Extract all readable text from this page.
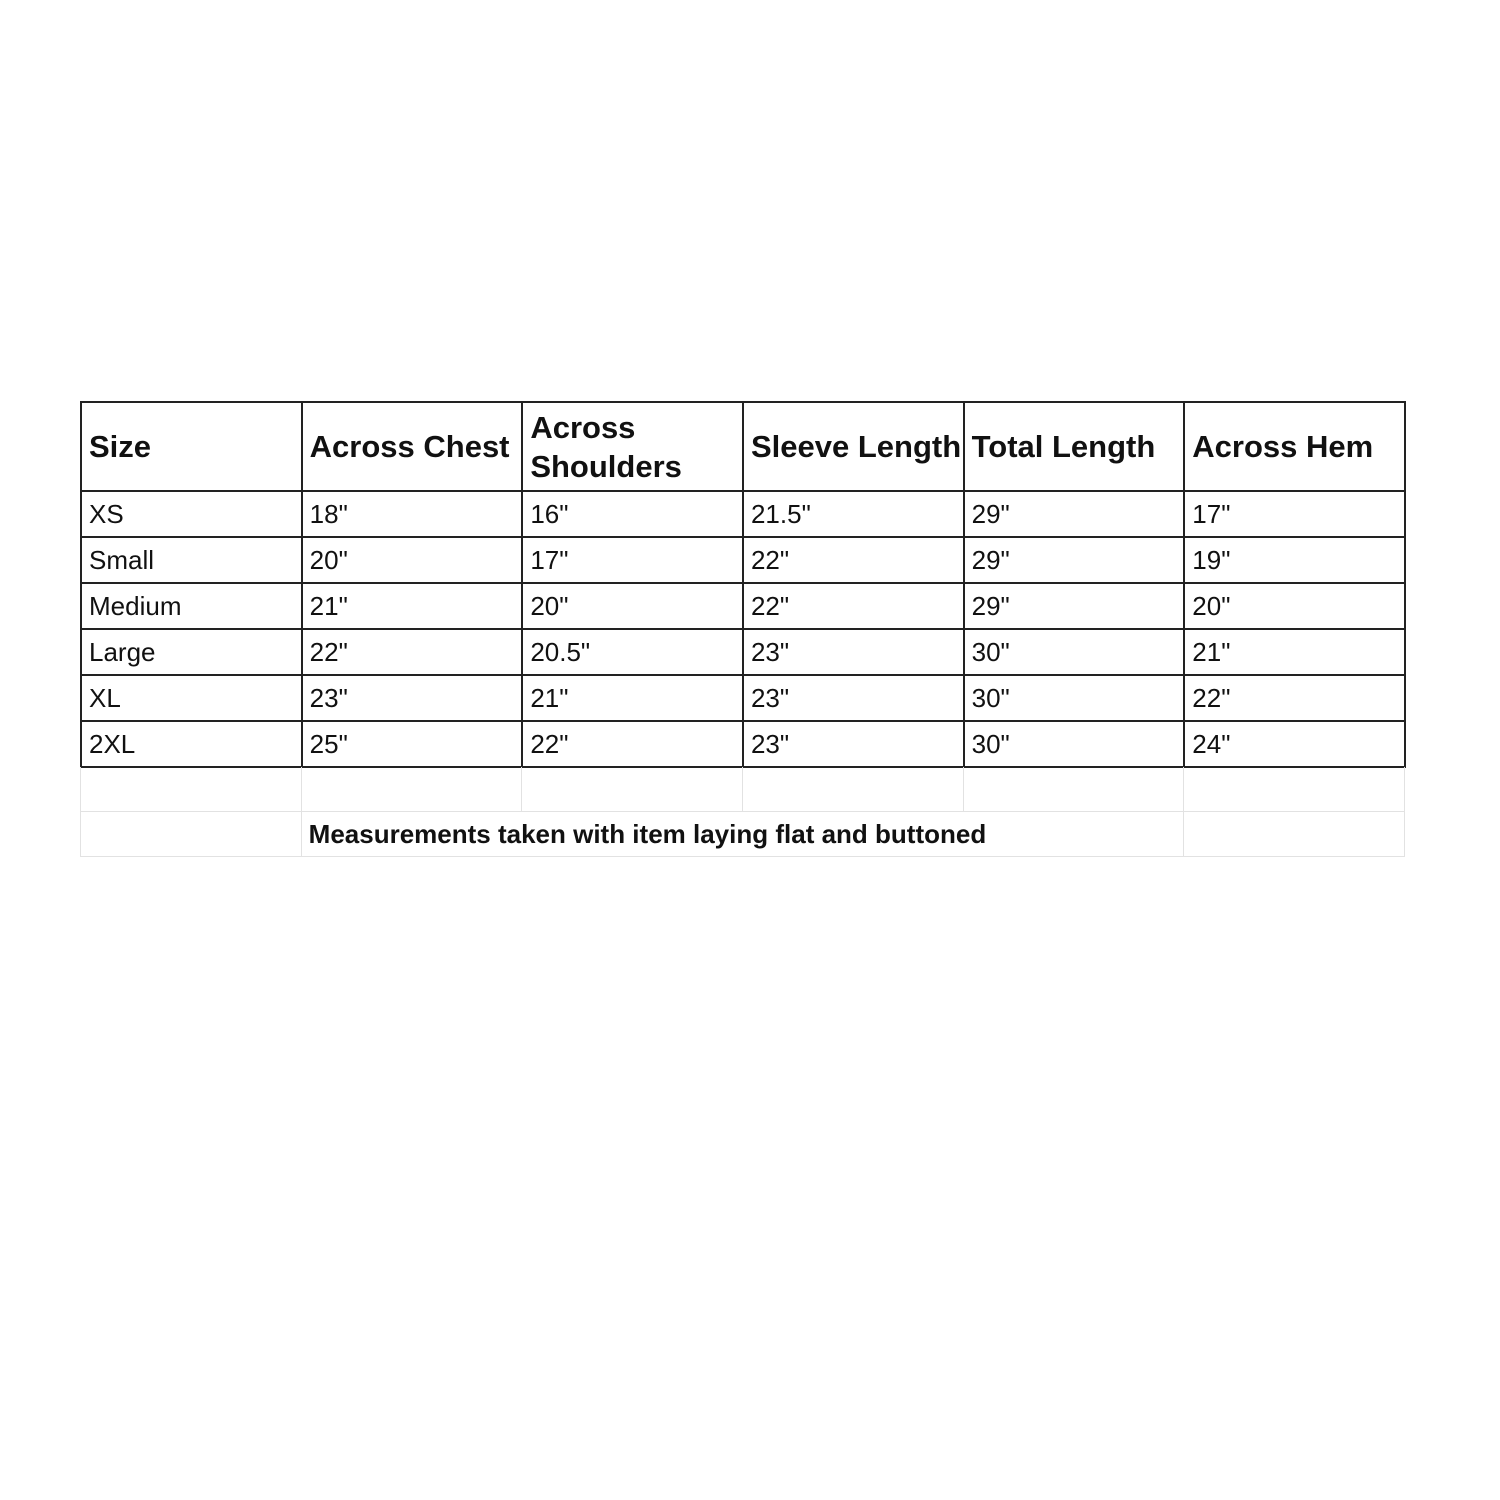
Size	Across Chest	Across Shoulders	Sleeve Length	Total Length	Across Hem
XS	18"	16"	21.5"	29"	17"
Small	20"	17"	22"	29"	19"
Medium	21"	20"	22"	29"	20"
Large	22"	20.5"	23"	30"	21"
XL	23"	21"	23"	30"	22"
2XL	25"	22"	23"	30"	24"

	Measurements taken with item laying flat and buttoned				
